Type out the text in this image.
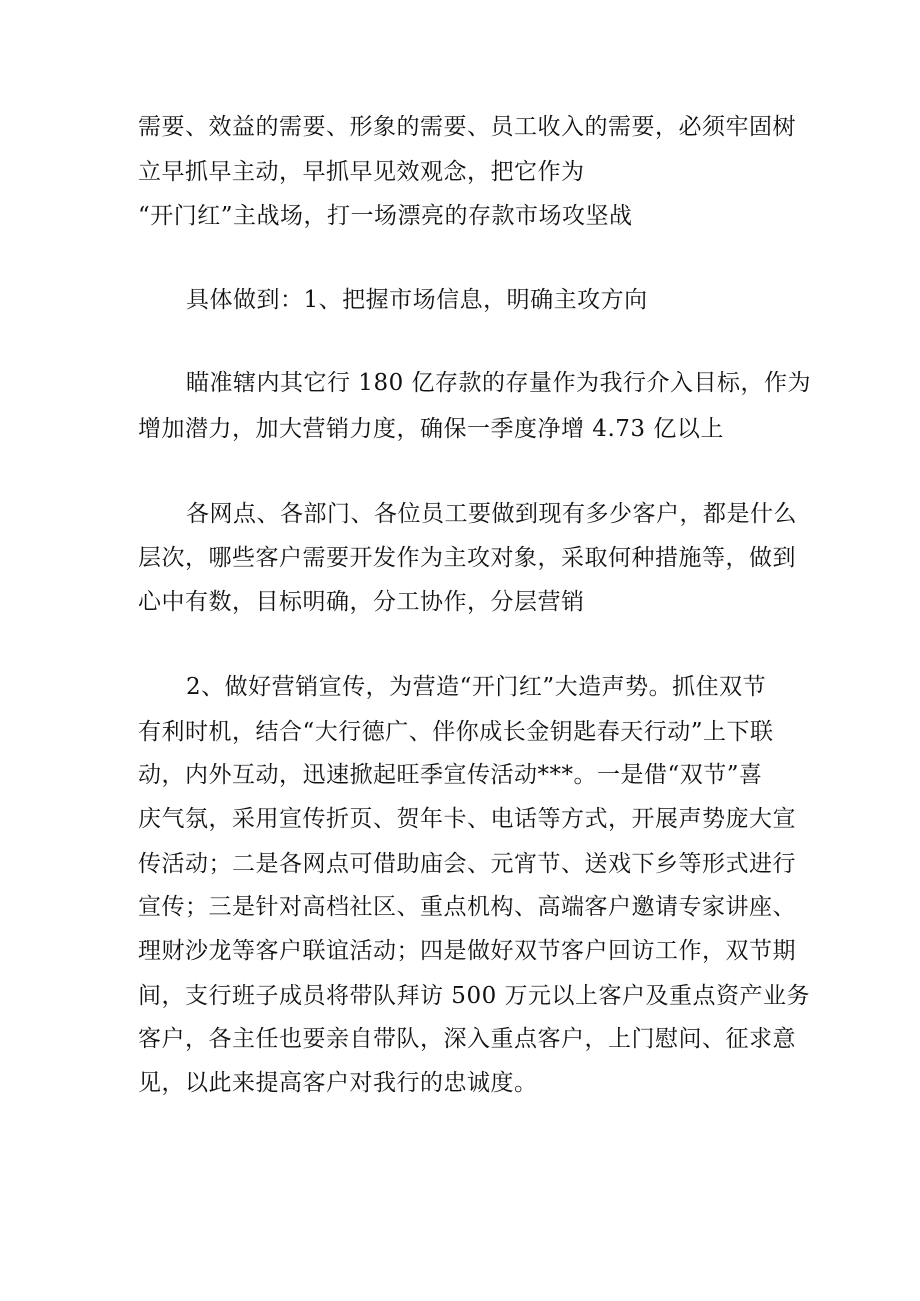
需要、效益的需要、形象的需要、员工收入的需要，必须牢固树

立早抓早主动，早抓早见效观念，把它作为

“开门红”主战场，打一场漂亮的存款市场攻坚战

具体做到：1、把握市场信息，明确主攻方向

瞄准辖内其它行 180 亿存款的存量作为我行介入目标，作为

增加潜力，加大营销力度，确保一季度净增 4.73 亿以上

各网点、各部门、各位员工要做到现有多少客户，都是什么

层次，哪些客户需要开发作为主攻对象，采取何种措施等，做到

心中有数，目标明确，分工协作，分层营销

2、做好营销宣传，为营造“开门红”大造声势。抓住双节

有利时机，结合“大行德广、伴你成长金钥匙春天行动”上下联

动，内外互动，迅速掀起旺季宣传活动***。一是借“双节”喜

庆气氛，采用宣传折页、贺年卡、电话等方式，开展声势庞大宣

传活动；二是各网点可借助庙会、元宵节、送戏下乡等形式进行

宣传；三是针对高档社区、重点机构、高端客户邀请专家讲座、

理财沙龙等客户联谊活动；四是做好双节客户回访工作，双节期

间，支行班子成员将带队拜访 500 万元以上客户及重点资产业务

客户，各主任也要亲自带队，深入重点客户，上门慰问、征求意

见，以此来提高客户对我行的忠诚度。
